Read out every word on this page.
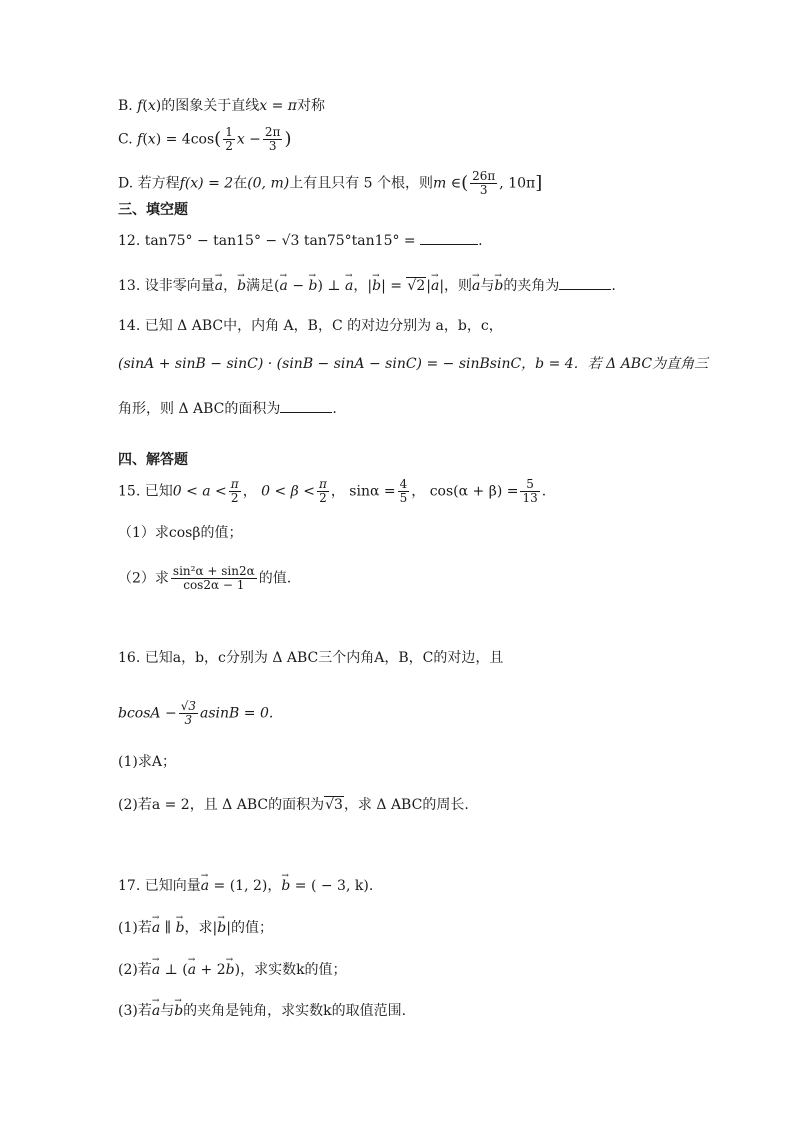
B. f(x)的图象关于直线x = π对称
C. $f(x) = 4\cos( \frac{1}{2}$ $x - \frac{2\pi}{3}$ )
D. 若方程f(x) = 2在(0, m)上有且只有 5 个根，则m ∈( $\frac{26\pi}{3}$ , 10π]
三、填空题
12. tan75° − tan15° − √3 tan75°tan15° =	.
13. 设非零向量→ a，→ b满足(→ a − → b) ⊥ → a，|→ b| = √2|→ a|，则→ a与→ b的夹角为	.
14. 已知 Δ ABC中，内角 A，B，C 的对边分别为 a，b，c，
(sinA + sinB − sinC) · (sinB − sinA − sinC) = − sinBsinC，b = 4．若 Δ ABC为直角三
角形，则 Δ ABC的面积为	.
四、解答题
15. 已知$0 < a < \frac{\pi}{2}$ ， $0 < \beta < \frac{\pi}{2}$ ， $\sin\alpha = \frac{4}{5}$ ， $\cos(\alpha + \beta) = \frac{5}{13}$ .
（1）求cosβ的值；
（2）求 $\frac{\text{sin²α + sin2α}}{\cos 2\alpha - 1}$ 的值.
16. 已知a，b，c分别为 Δ ABC三个内角A，B，C的对边，且
$bcosA - \frac{√3}{3}$ asinB = 0.
(1)求A；
(2)若a = 2，且 Δ ABC的面积为√3，求 Δ ABC的周长.
17. 已知向量→ a = (1, 2)，→ b = ( − 3, k).
(1)若→ a ∥ → b，求|→ b|的值；
(2)若→ a ⊥ (→ a + 2→ b)，求实数k的值；
(3)若→ a与→ b的夹角是钝角，求实数k的取值范围.
